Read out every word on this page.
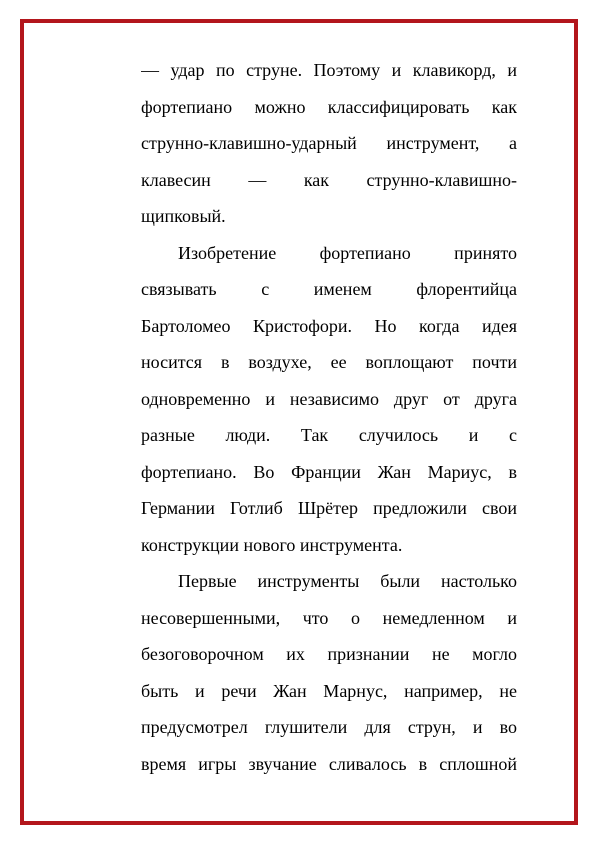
— удар по струне. Поэтому и клавикорд, и
фортепиано можно классифицировать как
струнно-клавишно-ударный инструмент, а
клавесин — как струнно-клавишно-
щипковый.
Изобретение фортепиано принято
связывать с именем флорентийца
Бартоломео Кристофори. Но когда идея
носится в воздухе, ее воплощают почти
одновременно и независимо друг от друга
разные люди. Так случилось и с
фортепиано. Во Франции Жан Мариус, в
Германии Готлиб Шрётер предложили свои
конструкции нового инструмента.
Первые инструменты были настолько
несовершенными, что о немедленном и
безоговорочном их признании не могло
быть и речи Жан Марнус, например, не
предусмотрел глушители для струн, и во
время игры звучание сливалось в сплошной
